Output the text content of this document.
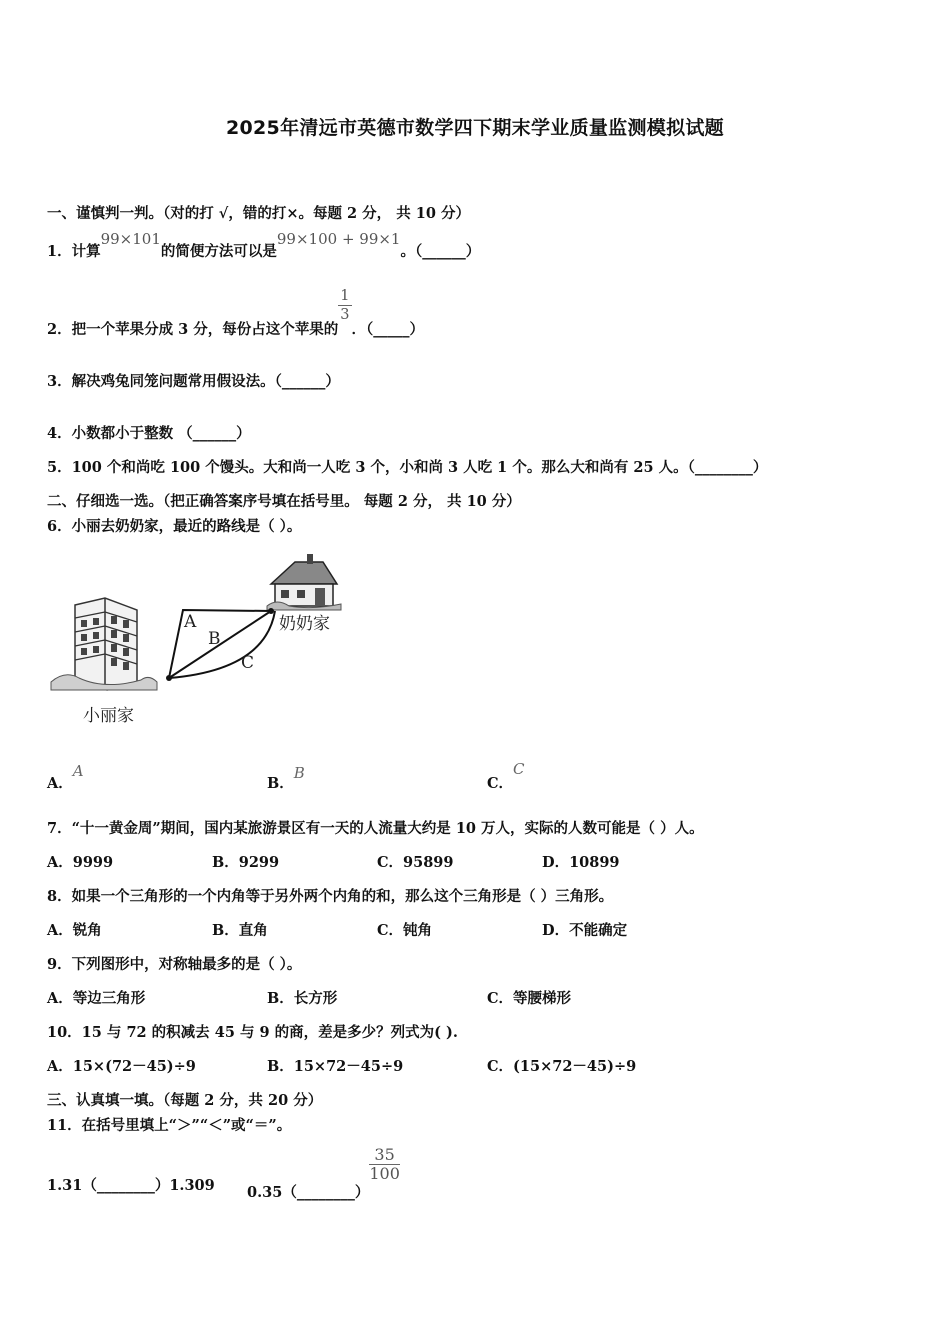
2025年清远市英德市数学四下期末学业质量监测模拟试题
一、谨慎判一判。（对的打 √，错的打×。每题 2 分， 共 10 分）
1．计算99×101的简便方法可以是99×100 + 99×1。（______）
2．把一个苹果分成 3 分，每份占这个苹果的
$\frac{1}{3}$
．（_____）
3．解决鸡兔同笼问题常用假设法。（______）
4．小数都小于整数 （______）
5．100 个和尚吃 100 个馒头。大和尚一人吃 3 个，小和尚 3 人吃 1 个。那么大和尚有 25 人。（________）
二、仔细选一选。（把正确答案序号填在括号里。 每题 2 分， 共 10 分）
6．小丽去奶奶家，最近的路线是（ ）。
A
B
C
奶奶家
小丽家
A．A
B．B
C．C
7．“十一黄金周”期间，国内某旅游景区有一天的人流量大约是 10 万人，实际的人数可能是（ ）人。
A．9999	B．9299	C．95899	D．10899
8．如果一个三角形的一个内角等于另外两个内角的和，那么这个三角形是（ ）三角形。
A．锐角	B．直角	C．钝角	D．不能确定
9．下列图形中，对称轴最多的是（ ）。
A．等边三角形	B．长方形	C．等腰梯形
10．15 与 72 的积减去 45 与 9 的商，差是多少？列式为( ).
A．15×(72－45)÷9	B．15×72－45÷9	C．(15×72－45)÷9
三、认真填一填。（每题 2 分，共 20 分）
11．在括号里填上“＞”“＜”或“＝”。
1.31（________）1.309 0.35（________）
$\frac{35}{100}$
